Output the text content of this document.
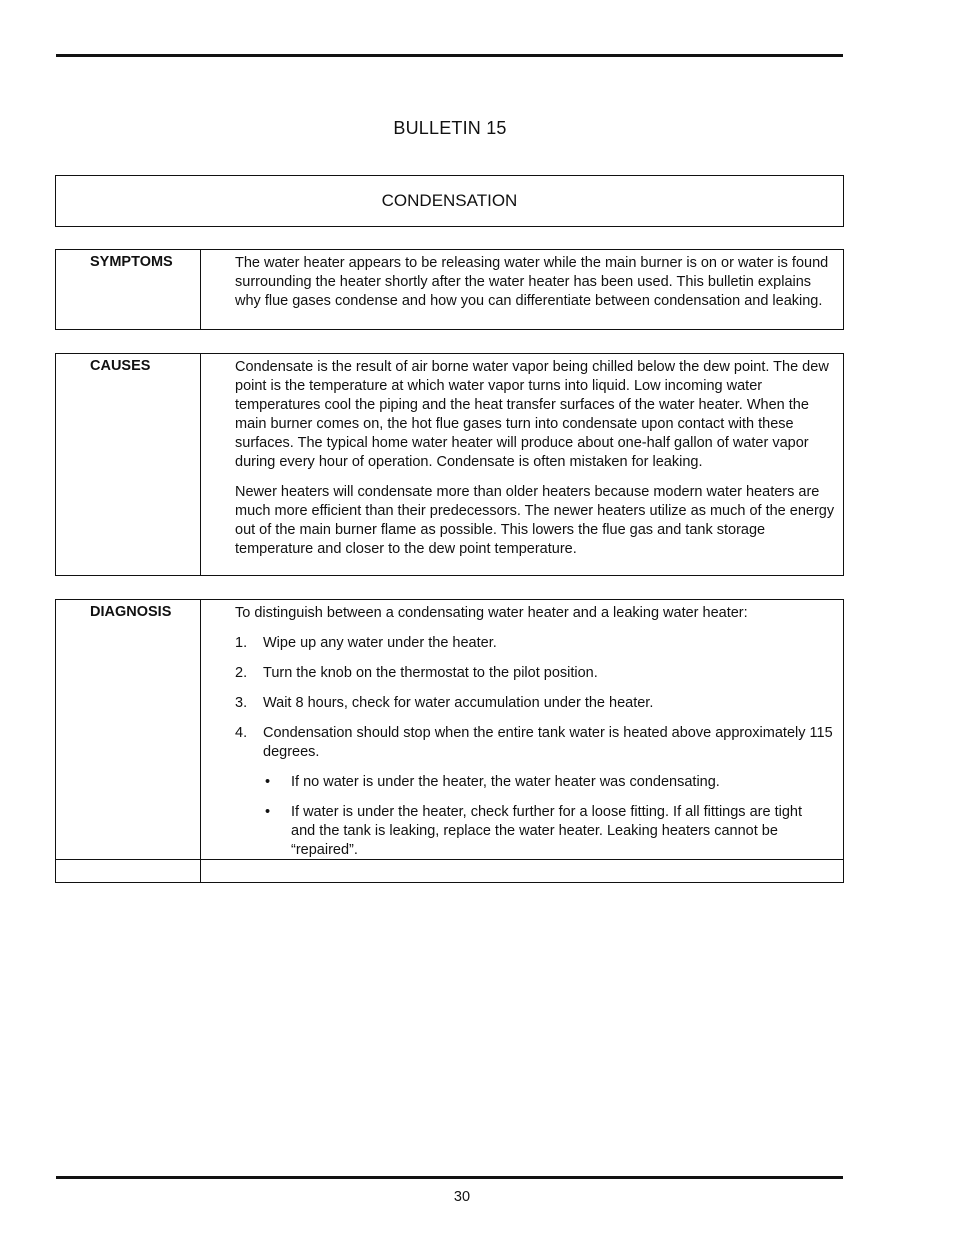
BULLETIN 15
CONDENSATION
SYMPTOMS	The water heater appears to be releasing water while the main burner is on or water is found surrounding the heater shortly after the water heater has been used. This bulletin explains why flue gases condense and how you can differentiate between condensation and leaking.

CAUSES	Condensate is the result of air borne water vapor being chilled below the dew point. The dew point is the temperature at which water vapor turns into liquid. Low incoming water temperatures cool the piping and the heat transfer surfaces of the water heater. When the main burner comes on, the hot flue gases turn into condensate upon contact with these surfaces. The typical home water heater will produce about one-half gallon of water vapor during every hour of operation. Condensate is often mistaken for leaking.

Newer heaters will condensate more than older heaters because modern water heaters are much more efficient than their predecessors. The newer heaters utilize as much of the energy out of the main burner flame as possible. This lowers the flue gas and tank storage temperature and closer to the dew point temperature.

DIAGNOSIS	To distinguish between a condensating water heater and a leaking water heater:

1.	Wipe up any water under the heater.
2.	Turn the knob on the thermostat to the pilot position.
3.	Wait 8 hours, check for water accumulation under the heater.
4.	Condensation should stop when the entire tank water is heated above approximately 115 degrees.
•	If no water is under the heater, the water heater was condensating.
•	If water is under the heater, check further for a loose fitting. If all fittings are tight and the tank is leaking, replace the water heater. Leaking heaters cannot be “repaired”.
30
